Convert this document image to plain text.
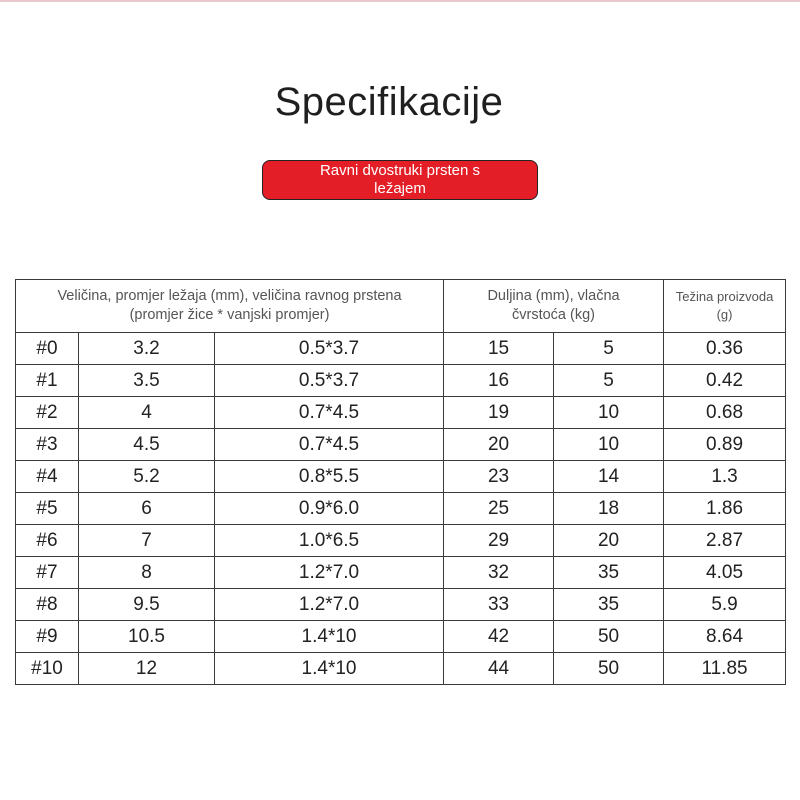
Specifikacije
Ravni dvostruki prsten s ležajem
Veličina, promjer ležaja (mm), veličina ravnog prstena (promjer žice * vanjski promjer)			Duljina (mm), vlačna čvrstoća (kg)		Težina proizvoda (g)
#0	3.2	0.5*3.7	15	5	0.36
#1	3.5	0.5*3.7	16	5	0.42
#2	4	0.7*4.5	19	10	0.68
#3	4.5	0.7*4.5	20	10	0.89
#4	5.2	0.8*5.5	23	14	1.3
#5	6	0.9*6.0	25	18	1.86
#6	7	1.0*6.5	29	20	2.87
#7	8	1.2*7.0	32	35	4.05
#8	9.5	1.2*7.0	33	35	5.9
#9	10.5	1.4*10	42	50	8.64
#10	12	1.4*10	44	50	11.85
